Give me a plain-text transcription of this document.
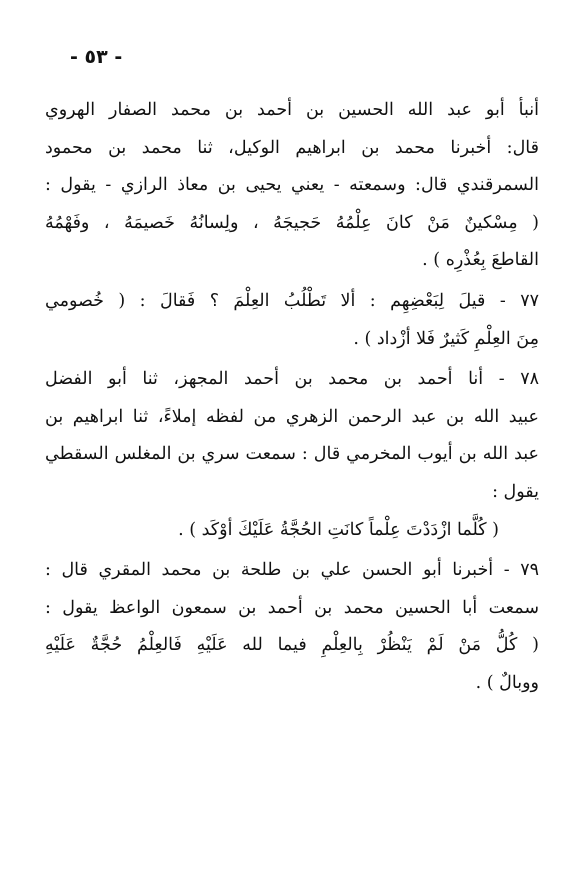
- ٥٣ -
أنبأ أبو عبد الله الحسين بن أحمد بن محمد الصفار الهروي
قال: أخبرنا محمد بن ابراهيم الوكيل، ثنا محمد بن محمود
السمرقندي قال: وسمعته - يعني يحيى بن معاذ الرازي - يقول :
( مِسْكينٌ مَنْ كانَ عِلْمُهُ حَجيجَهُ ، ولِسانُهُ خَصيمَهُ ، وفَهْمُهُ
القاطعَ بِعُذْرِه ) .
٧٧ - قيلَ لِبَعْضِهِم : ألا تَطْلُبُ العِلْمَ ؟ فَقالَ : ( خُصومي
مِنَ العِلْمِ كَثيرٌ فَلا أزْداد ) .
٧٨ - أنا أحمد بن محمد بن أحمد المجهز، ثنا أبو الفضل
عبيد الله بن عبد الرحمن الزهري من لفظه إملاءً، ثنا ابراهيم بن
عبد الله بن أيوب المخرمي قال : سمعت سري بن المغلس السقطي
يقول :
( كُلَّما ازْدَدْتَ عِلْماً كانَتِ الحُجَّةُ عَلَيْكَ أوْكَد ) .
٧٩ - أخبرنا أبو الحسن علي بن طلحة بن محمد المقري قال :
سمعت أبا الحسين محمد بن أحمد بن سمعون الواعظ يقول :
( كُلُّ مَنْ لَمْ يَنْظُرْ بِالعِلْمِ فيما لله عَلَيْهِ فَالعِلْمُ حُجَّةٌ عَلَيْهِ
ووبالٌ ) .
